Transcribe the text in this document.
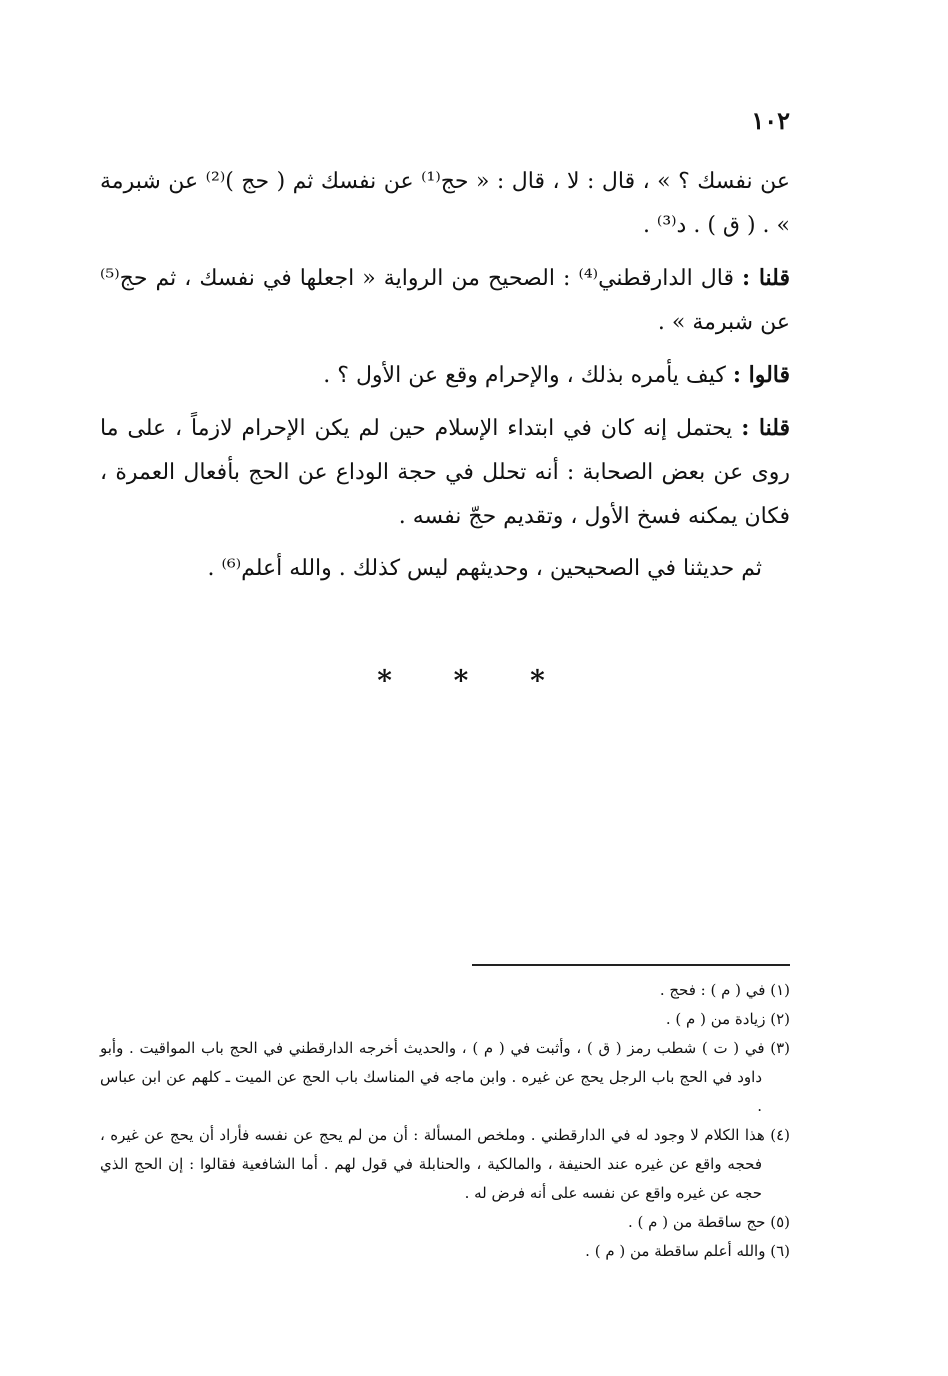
١٠٢

عن نفسك ؟ » ، قال : لا ، قال : « حج⁽¹⁾ عن نفسك ثم ( حج )⁽²⁾ عن شبرمة » . ( ق ) . د⁽³⁾ .

قلنا : قال الدارقطني⁽⁴⁾ : الصحيح من الرواية « اجعلها في نفسك ، ثم حج⁽⁵⁾ عن شبرمة » .

قالوا : كيف يأمره بذلك ، والإحرام وقع عن الأول ؟ .

قلنا : يحتمل إنه كان في ابتداء الإسلام حين لم يكن الإحرام لازماً ، على ما روى عن بعض الصحابة : أنه تحلل في حجة الوداع عن الحج بأفعال العمرة ، فكان يمكنه فسخ الأول ، وتقديم حجّ نفسه .

ثم حديثنا في الصحيحين ، وحديثهم ليس كذلك . والله أعلم⁽⁶⁾ .

* * *

(١) في ( م ) : فحج .

(٢) زيادة من ( م ) .

(٣) في ( ت ) شطب رمز ( ق ) ، وأثبت في ( م ) ، والحديث أخرجه الدارقطني في الحج باب المواقيت . وأبو داود في الحج باب الرجل يحج عن غيره . وابن ماجه في المناسك باب الحج عن الميت ـ كلهم عن ابن عباس .

(٤) هذا الكلام لا وجود له في الدارقطني . وملخص المسألة : أن من لم يحج عن نفسه فأراد أن يحج عن غيره ، فحجه واقع عن غيره عند الحنيفة ، والمالكية ، والحنابلة في قول لهم . أما الشافعية فقالوا : إن الحج الذي حجه عن غيره واقع عن نفسه على أنه فرض له .

(٥) حج ساقطة من ( م ) .

(٦) والله أعلم ساقطة من ( م ) .
